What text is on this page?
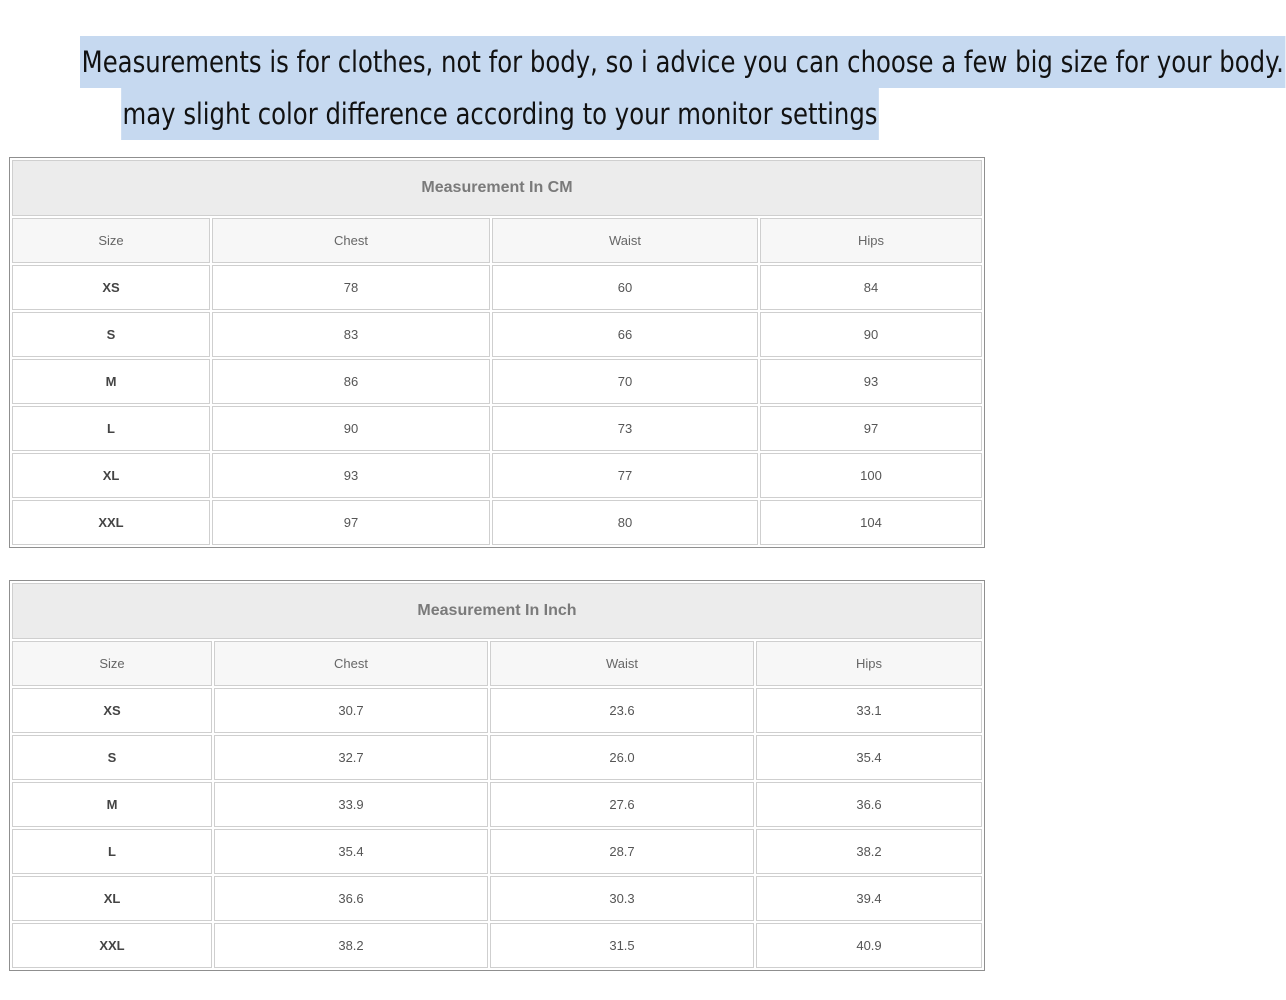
Measurements is for clothes, not for body, so i advice you can choose a few big size for your body.
may slight color difference according to your monitor settings
Measurement In CM			
Size	Chest	Waist	Hips
XS	78	60	84
S	83	66	90
M	86	70	93
L	90	73	97
XL	93	77	100
XXL	97	80	104
Measurement In Inch			
Size	Chest	Waist	Hips
XS	30.7	23.6	33.1
S	32.7	26.0	35.4
M	33.9	27.6	36.6
L	35.4	28.7	38.2
XL	36.6	30.3	39.4
XXL	38.2	31.5	40.9
